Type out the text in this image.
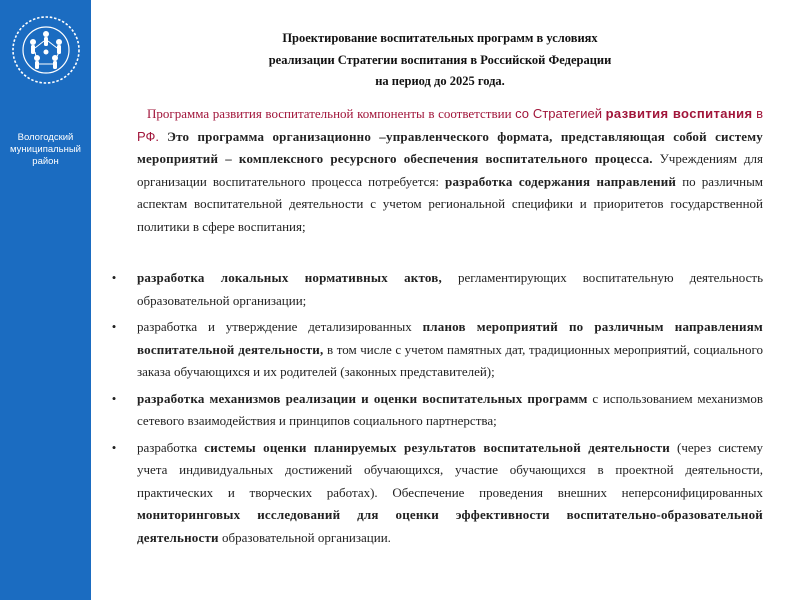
Вологодский
муниципальный
район
Проектирование воспитательных программ в условиях
реализации Стратегии воспитания в Российской Федерации
на период до 2025 года.
Программа развития воспитательной компоненты в соответствии со Стратегией развития воспитания в РФ. Это программа организационно –управленческого формата, представляющая собой систему мероприятий – комплексного ресурсного обеспечения воспитательного процесса. Учреждениям для организации воспитательного процесса потребуется: разработка содержания направлений по различным аспектам воспитательной деятельности с учетом региональной специфики и приоритетов государственной политики в сфере воспитания;
• разработка локальных нормативных актов, регламентирующих воспитательную деятельность образовательной организации;
• разработка и утверждение детализированных планов мероприятий по различным направлениям воспитательной деятельности, в том числе с учетом памятных дат, традиционных мероприятий, социального заказа обучающихся и их родителей (законных представителей);
• разработка механизмов реализации и оценки воспитательных программ с использованием механизмов сетевого взаимодействия и принципов социального партнерства;
• разработка системы оценки планируемых результатов воспитательной деятельности (через систему учета индивидуальных достижений обучающихся, участие обучающихся в проектной деятельности, практических и творческих работах). Обеспечение проведения внешних неперсонифицированных мониторинговых исследований для оценки эффективности воспитательно-образовательной деятельности образовательной организации.
